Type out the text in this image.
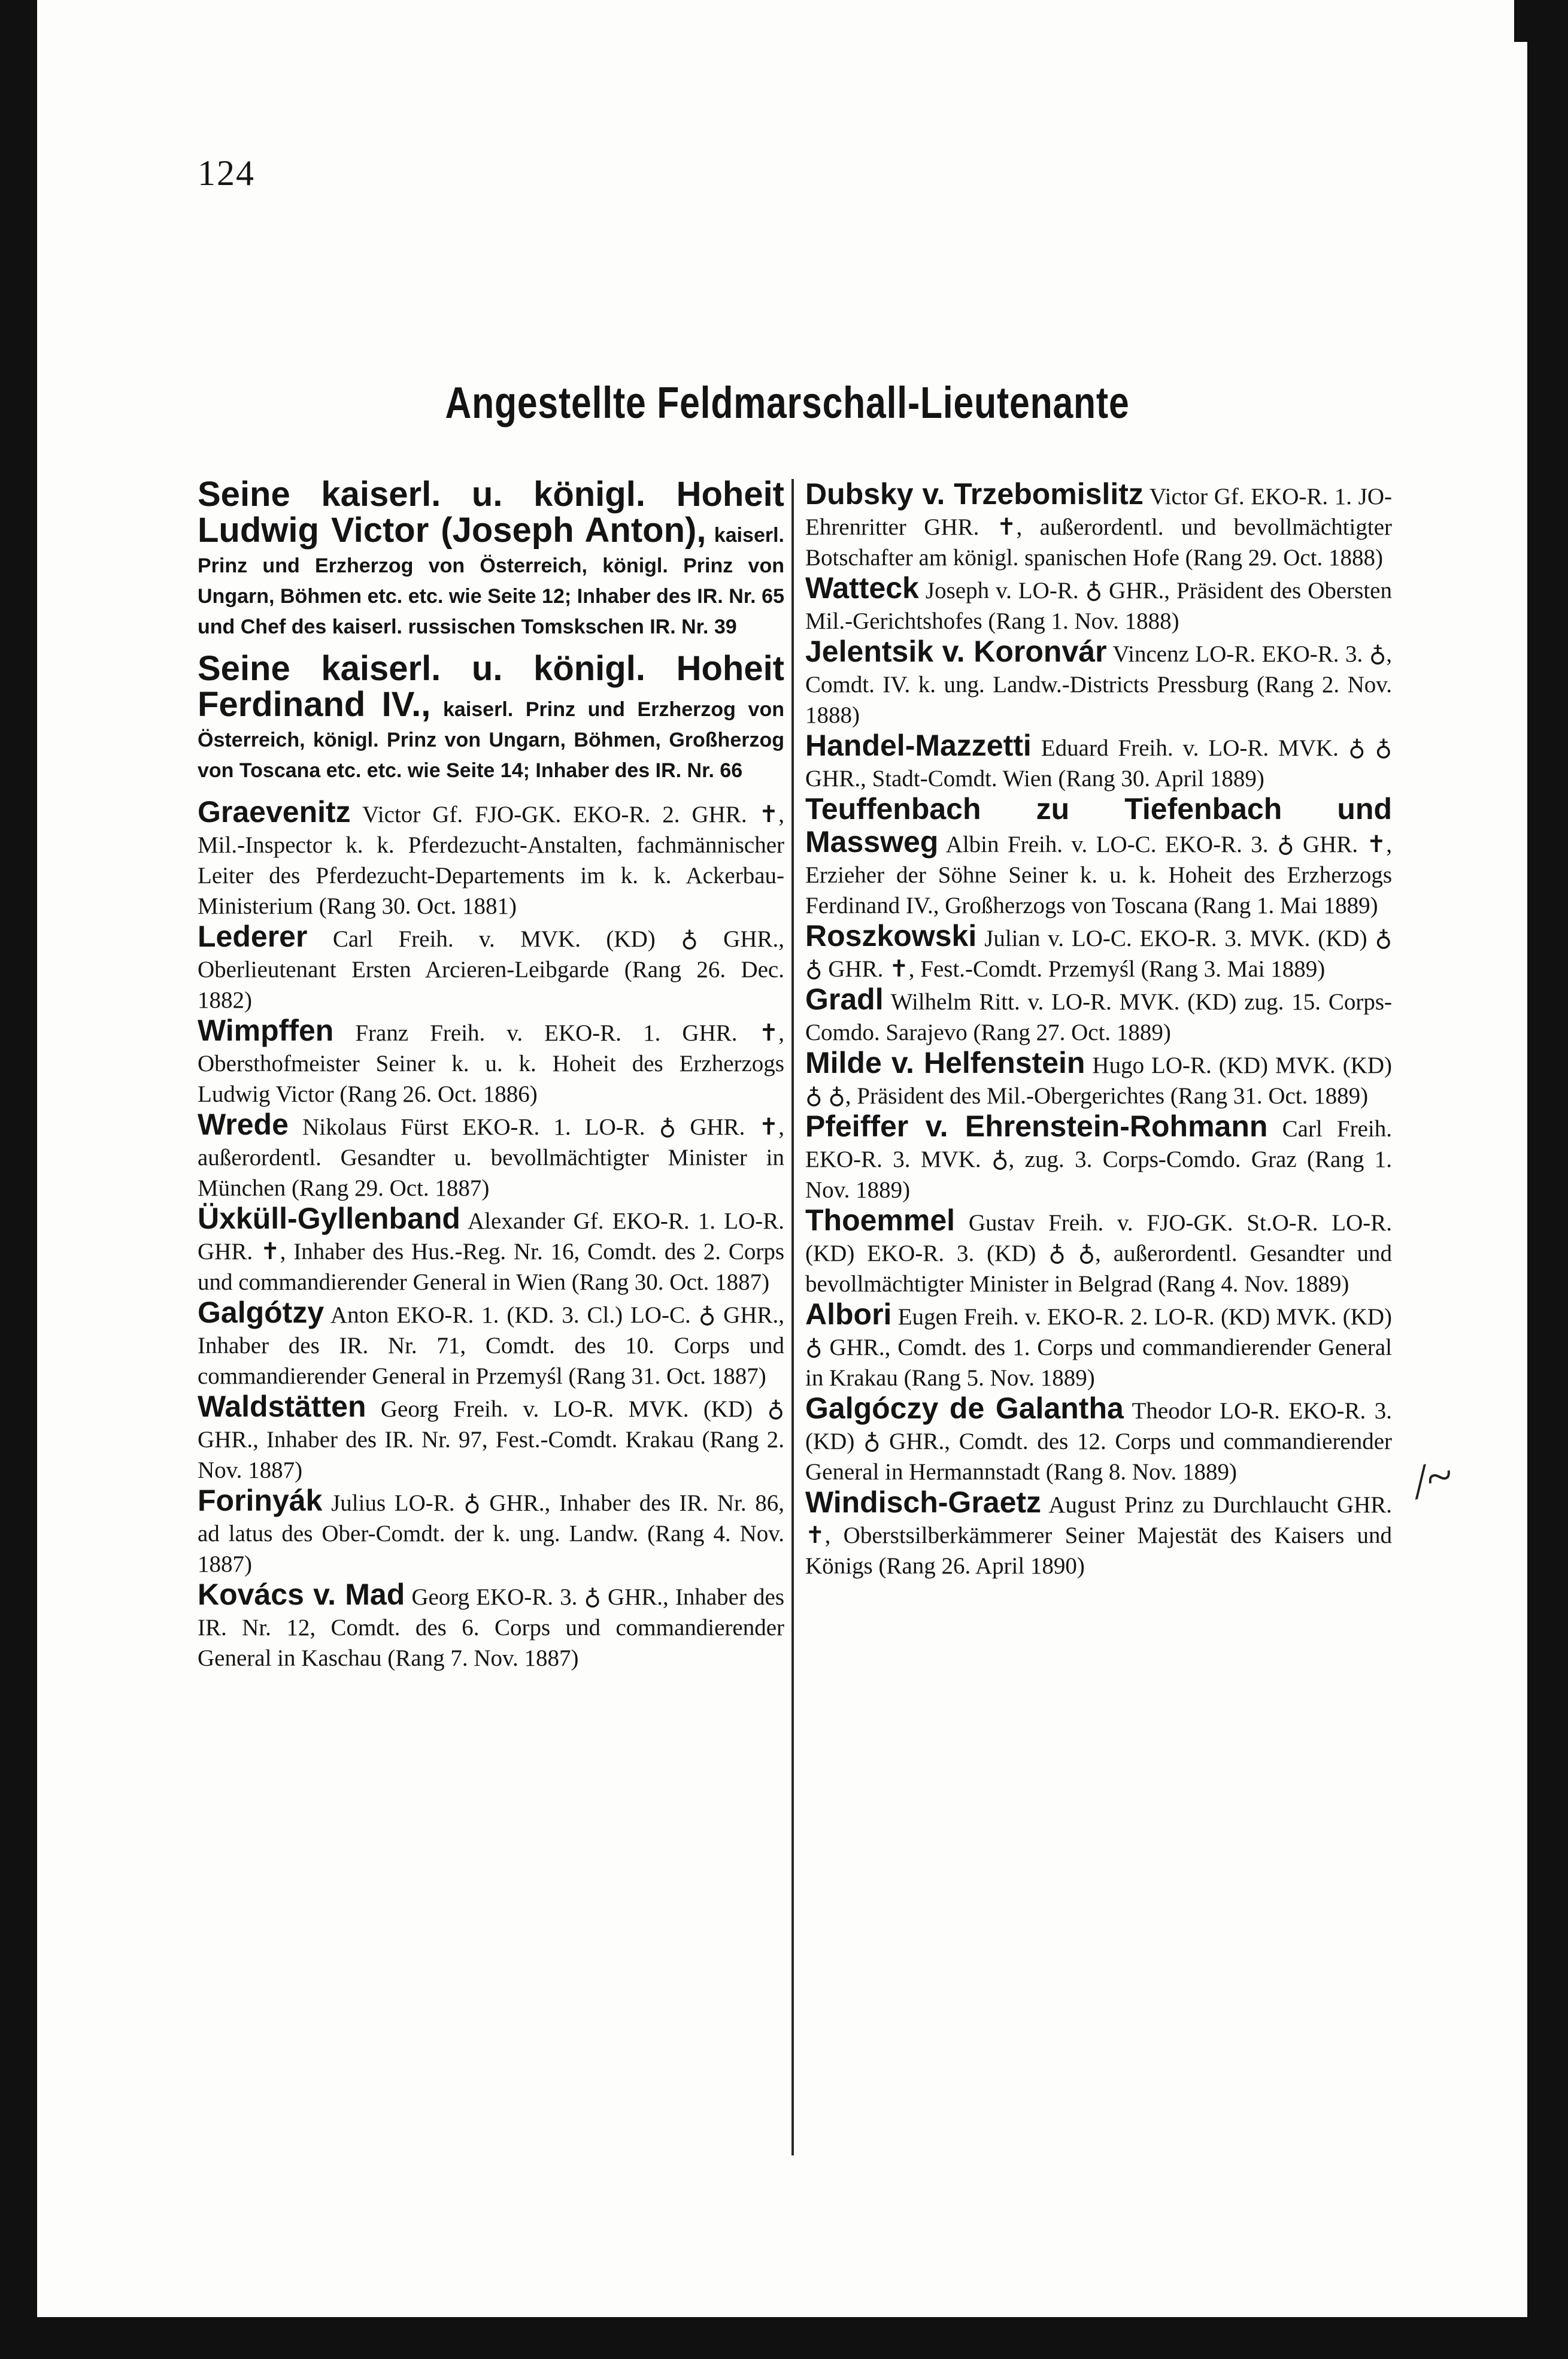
124
Angestellte Feldmarschall-Lieutenante

Seine kaiserl. u. königl. Hoheit Ludwig Victor (Joseph Anton), kaiserl. Prinz und Erzherzog von Österreich, königl. Prinz von Ungarn, Böhmen etc. etc. wie Seite 12; Inhaber des IR. Nr. 65 und Chef des kaiserl. russischen Tomskschen IR. Nr. 39

Seine kaiserl. u. königl. Hoheit Ferdinand IV., kaiserl. Prinz und Erzherzog von Österreich, königl. Prinz von Ungarn, Böhmen, Großherzog von Toscana etc. etc. wie Seite 14; Inhaber des IR. Nr. 66

Graevenitz Victor Gf. FJO-GK. EKO-R. 2. GHR. ✝, Mil.-Inspector k. k. Pferdezucht-Anstalten, fachmännischer Leiter des Pferdezucht-Departements im k. k. Ackerbau-Ministerium (Rang 30. Oct. 1881)

Lederer Carl Freih. v. MVK. (KD) ♁ GHR., Oberlieutenant Ersten Arcieren-Leibgarde (Rang 26. Dec. 1882)

Wimpffen Franz Freih. v. EKO-R. 1. GHR. ✝, Obersthofmeister Seiner k. u. k. Hoheit des Erzherzogs Ludwig Victor (Rang 26. Oct. 1886)

Wrede Nikolaus Fürst EKO-R. 1. LO-R. ♁ GHR. ✝, außerordentl. Gesandter u. bevollmächtigter Minister in München (Rang 29. Oct. 1887)

Üxküll-Gyllenband Alexander Gf. EKO-R. 1. LO-R. GHR. ✝, Inhaber des Hus.-Reg. Nr. 16, Comdt. des 2. Corps und commandierender General in Wien (Rang 30. Oct. 1887)

Galgótzy Anton EKO-R. 1. (KD. 3. Cl.) LO-C. ♁ GHR., Inhaber des IR. Nr. 71, Comdt. des 10. Corps und commandierender General in Przemyśl (Rang 31. Oct. 1887)

Waldstätten Georg Freih. v. LO-R. MVK. (KD) ♁ GHR., Inhaber des IR. Nr. 97, Fest.-Comdt. Krakau (Rang 2. Nov. 1887)

Forinyák Julius LO-R. ♁ GHR., Inhaber des IR. Nr. 86, ad latus des Ober-Comdt. der k. ung. Landw. (Rang 4. Nov. 1887)

Kovács v. Mad Georg EKO-R. 3. ♁ GHR., Inhaber des IR. Nr. 12, Comdt. des 6. Corps und commandierender General in Kaschau (Rang 7. Nov. 1887)

Dubsky v. Trzebomislitz Victor Gf. EKO-R. 1. JO-Ehrenritter GHR. ✝, außerordentl. und bevollmächtigter Botschafter am königl. spanischen Hofe (Rang 29. Oct. 1888)

Watteck Joseph v. LO-R. ♁ GHR., Präsident des Obersten Mil.-Gerichtshofes (Rang 1. Nov. 1888)

Jelentsik v. Koronvár Vincenz LO-R. EKO-R. 3. ♁, Comdt. IV. k. ung. Landw.-Districts Pressburg (Rang 2. Nov. 1888)

Handel-Mazzetti Eduard Freih. v. LO-R. MVK. ♁ ♁ GHR., Stadt-Comdt. Wien (Rang 30. April 1889)

Teuffenbach zu Tiefenbach und Massweg Albin Freih. v. LO-C. EKO-R. 3. ♁ GHR. ✝, Erzieher der Söhne Seiner k. u. k. Hoheit des Erzherzogs Ferdinand IV., Großherzogs von Toscana (Rang 1. Mai 1889)

Roszkowski Julian v. LO-C. EKO-R. 3. MVK. (KD) ♁ ♁ GHR. ✝, Fest.-Comdt. Przemyśl (Rang 3. Mai 1889)

Gradl Wilhelm Ritt. v. LO-R. MVK. (KD) zug. 15. Corps-Comdo. Sarajevo (Rang 27. Oct. 1889)

Milde v. Helfenstein Hugo LO-R. (KD) MVK. (KD) ♁ ♁, Präsident des Mil.-Obergerichtes (Rang 31. Oct. 1889)

Pfeiffer v. Ehrenstein-Rohmann Carl Freih. EKO-R. 3. MVK. ♁, zug. 3. Corps-Comdo. Graz (Rang 1. Nov. 1889)

Thoemmel Gustav Freih. v. FJO-GK. St.O-R. LO-R. (KD) EKO-R. 3. (KD) ♁ ♁, außerordentl. Gesandter und bevollmächtigter Minister in Belgrad (Rang 4. Nov. 1889)

Albori Eugen Freih. v. EKO-R. 2. LO-R. (KD) MVK. (KD) ♁ GHR., Comdt. des 1. Corps und commandierender General in Krakau (Rang 5. Nov. 1889)

Galgóczy de Galantha Theodor LO-R. EKO-R. 3. (KD) ♁ GHR., Comdt. des 12. Corps und commandierender General in Hermannstadt (Rang 8. Nov. 1889)

Windisch-Graetz August Prinz zu Durchlaucht GHR. ✝, Oberstsilberkämmerer Seiner Majestät des Kaisers und Königs (Rang 26. April 1890)

/~
